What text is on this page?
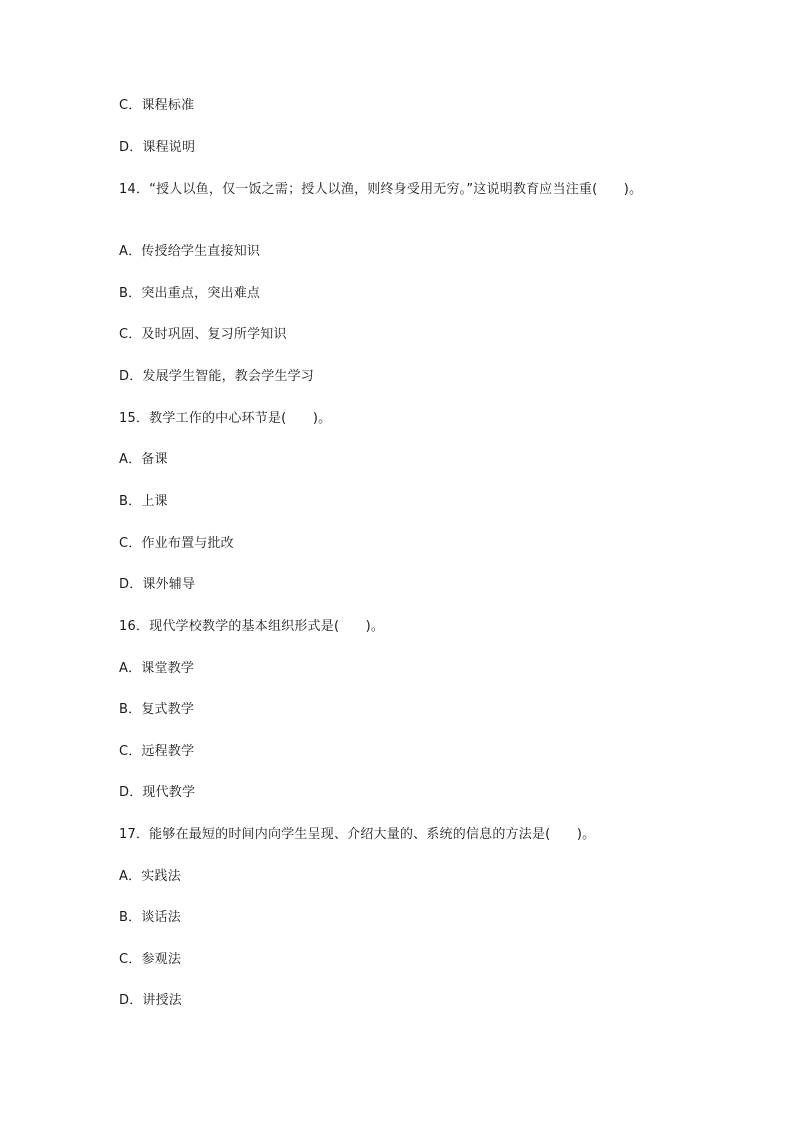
C．课程标准
D．课程说明
14．“授人以鱼，仅一饭之需；授人以渔，则终身受用无穷。”这说明教育应当注重(　　)。
A．传授给学生直接知识
B．突出重点，突出难点
C．及时巩固、复习所学知识
D．发展学生智能，教会学生学习
15．教学工作的中心环节是(　　)。
A．备课
B．上课
C．作业布置与批改
D．课外辅导
16．现代学校教学的基本组织形式是(　　)。
A．课堂教学
B．复式教学
C．远程教学
D．现代教学
17．能够在最短的时间内向学生呈现、介绍大量的、系统的信息的方法是(　　)。
A．实践法
B．谈话法
C．参观法
D．讲授法
